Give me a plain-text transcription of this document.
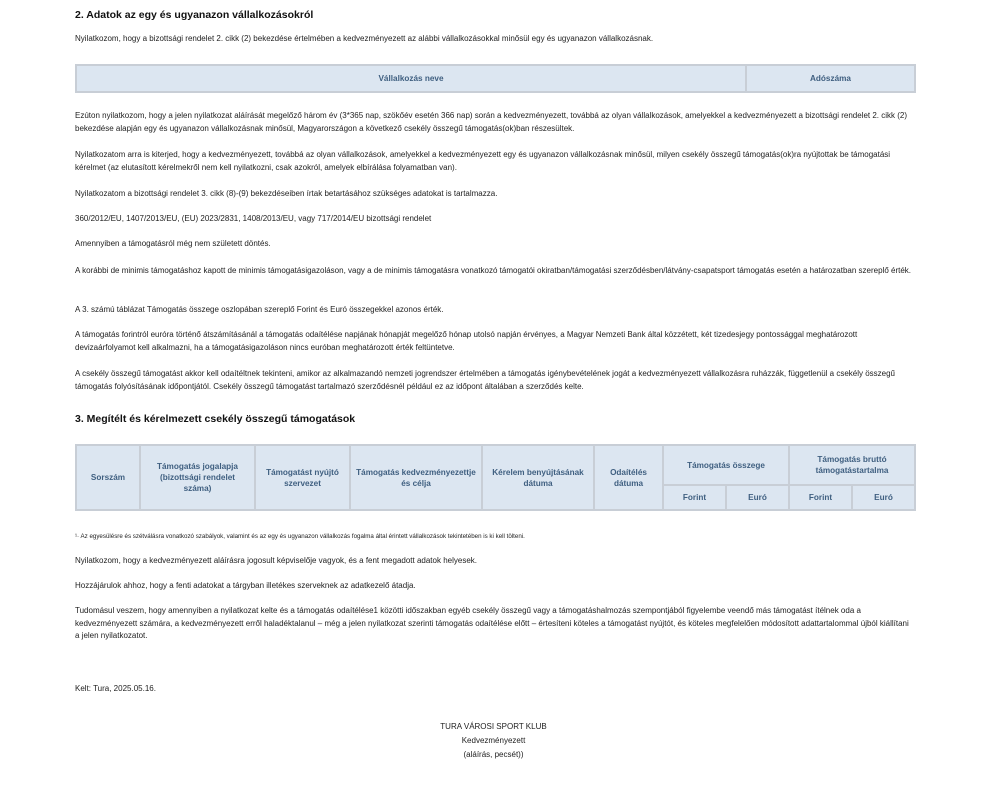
2. Adatok az egy és ugyanazon vállalkozásokról

Nyilatkozom, hogy a bizottsági rendelet 2. cikk (2) bekezdése értelmében a kedvezményezett az alábbi vállalkozásokkal minősül egy és ugyanazon vállalkozásnak.

Vállalkozás neve	Adószáma

Ezúton nyilatkozom, hogy a jelen nyilatkozat aláírását megelőző három év (3*365 nap, szökőév esetén 366 nap) során a kedvezményezett, továbbá az olyan vállalkozások, amelyekkel a kedvezményezett a bizottsági rendelet 2. cikk (2) bekezdése alapján egy és ugyanazon vállalkozásnak minősül, Magyarországon a következő csekély összegű támogatás(ok)ban részesültek.

Nyilatkozatom arra is kiterjed, hogy a kedvezményezett, továbbá az olyan vállalkozások, amelyekkel a kedvezményezett egy és ugyanazon vállalkozásnak minősül, milyen csekély összegű támogatás(ok)ra nyújtottak be támogatási kérelmet (az elutasított kérelmekről nem kell nyilatkozni, csak azokról, amelyek elbírálása folyamatban van).

Nyilatkozatom a bizottsági rendelet 3. cikk (8)-(9) bekezdéseiben írtak betartásához szükséges adatokat is tartalmazza.

360/2012/EU, 1407/2013/EU, (EU) 2023/2831, 1408/2013/EU, vagy 717/2014/EU bizottsági rendelet

Amennyiben a támogatásról még nem született döntés.

A korábbi de minimis támogatáshoz kapott de minimis támogatásigazoláson, vagy a de minimis támogatásra vonatkozó támogatói okiratban/támogatási szerződésben/látvány-csapatsport támogatás esetén a határozatban szereplő érték.

A 3. számú táblázat Támogatás összege oszlopában szereplő Forint és Euró összegekkel azonos érték.

A támogatás forintról euróra történő átszámításánál a támogatás odaítélése napjának hónapját megelőző hónap utolsó napján érvényes, a Magyar Nemzeti Bank által közzétett, két tizedesjegy pontossággal meghatározott devizaárfolyamot kell alkalmazni, ha a támogatásigazoláson nincs euróban meghatározott érték feltüntetve.

A csekély összegű támogatást akkor kell odaítéltnek tekinteni, amikor az alkalmazandó nemzeti jogrendszer értelmében a támogatás igénybevételének jogát a kedvezményezett vállalkozásra ruházzák, függetlenül a csekély összegű támogatás folyósításának időpontjától. Csekély összegű támogatást tartalmazó szerződésnél például ez az időpont általában a szerződés kelte.

3. Megítélt és kérelmezett csekély összegű támogatások
Sorszám	Támogatás jogalapja (bizottsági rendelet száma)	Támogatást nyújtó szervezet	Támogatás kedvezményezettje és célja	Kérelem benyújtásának dátuma	Odaítélés dátuma	Támogatás összege		Támogatás bruttó támogatástartalma	
						Forint	Euró	Forint	Euró

¹· Az egyesülésre és szétválásra vonatkozó szabályok, valamint és az egy és ugyanazon vállalkozás fogalma által érintett vállalkozások tekintetében is ki kell tölteni.

Nyilatkozom, hogy a kedvezményezett aláírásra jogosult képviselője vagyok, és a fent megadott adatok helyesek.

Hozzájárulok ahhoz, hogy a fenti adatokat a tárgyban illetékes szerveknek az adatkezelő átadja.

Tudomásul veszem, hogy amennyiben a nyilatkozat kelte és a támogatás odaítélése1 közötti időszakban egyéb csekély összegű vagy a támogatáshalmozás szempontjából figyelembe veendő más támogatást ítélnek oda a kedvezményezett számára, a kedvezményezett erről haladéktalanul – még a jelen nyilatkozat szerinti támogatás odaítélése előtt – értesíteni köteles a támogatást nyújtót, és köteles megfelelően módosított adattartalommal újból kiállítani a jelen nyilatkozatot.

Kelt: Tura, 2025.05.16.

TURA VÁROSI SPORT KLUB
Kedvezményezett
(aláírás, pecsét))
